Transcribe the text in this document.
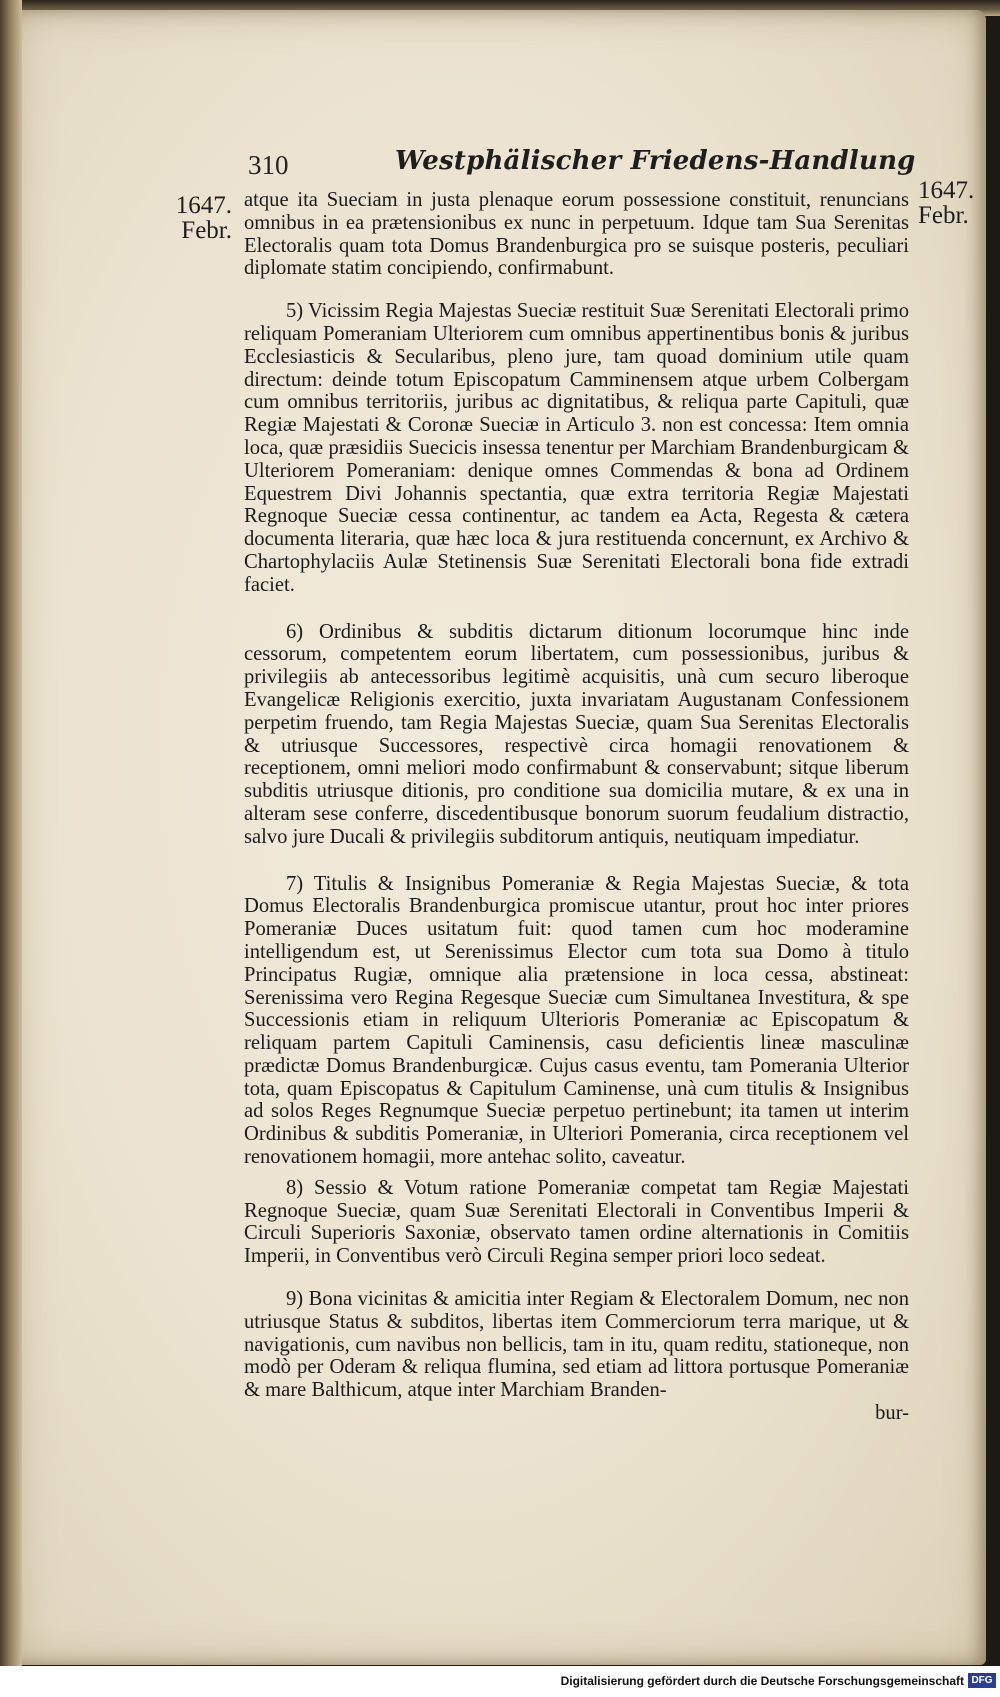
310	Westphälischer Friedens-Handlung
1647.
Febr.
1647.
Febr.

atque ita Sueciam in justa plenaque eorum possessione constituit, renuncians omnibus in ea prætensionibus ex nunc in perpetuum. Idque tam Sua Serenitas Electoralis quam tota Domus Brandenburgica pro se suisque posteris, peculiari diplomate statim concipiendo, confirmabunt.

5) Vicissim Regia Majestas Sueciæ restituit Suæ Serenitati Electorali primo reliquam Pomeraniam Ulteriorem cum omnibus appertinentibus bonis & juribus Ecclesiasticis & Secularibus, pleno jure, tam quoad dominium utile quam directum: deinde totum Episcopatum Camminensem atque urbem Colbergam cum omnibus territoriis, juribus ac dignitatibus, & reliqua parte Capituli, quæ Regiæ Majestati & Coronæ Sueciæ in Articulo 3. non est concessa: Item omnia loca, quæ præsidiis Suecicis insessa tenentur per Marchiam Brandenburgicam & Ulteriorem Pomeraniam: denique omnes Commendas & bona ad Ordinem Equestrem Divi Johannis spectantia, quæ extra territoria Regiæ Majestati Regnoque Sueciæ cessa continentur, ac tandem ea Acta, Regesta & cætera documenta literaria, quæ hæc loca & jura restituenda concernunt, ex Archivo & Chartophylaciis Aulæ Stetinensis Suæ Serenitati Electorali bona fide extradi faciet.

6) Ordinibus & subditis dictarum ditionum locorumque hinc inde cessorum, competentem eorum libertatem, cum possessionibus, juribus & privilegiis ab antecessoribus legitimè acquisitis, unà cum securo liberoque Evangelicæ Religionis exercitio, juxta invariatam Augustanam Confessionem perpetim fruendo, tam Regia Majestas Sueciæ, quam Sua Serenitas Electoralis & utriusque Successores, respectivè circa homagii renovationem & receptionem, omni meliori modo confirmabunt & conservabunt; sitque liberum subditis utriusque ditionis, pro conditione sua domicilia mutare, & ex una in alteram sese conferre, discedentibusque bonorum suorum feudalium distractio, salvo jure Ducali & privilegiis subditorum antiquis, neutiquam impediatur.

7) Titulis & Insignibus Pomeraniæ & Regia Majestas Sueciæ, & tota Domus Electoralis Brandenburgica promiscue utantur, prout hoc inter priores Pomeraniæ Duces usitatum fuit: quod tamen cum hoc moderamine intelligendum est, ut Serenissimus Elector cum tota sua Domo à titulo Principatus Rugiæ, omnique alia prætensione in loca cessa, abstineat: Serenissima vero Regina Regesque Sueciæ cum Simultanea Investitura, & spe Successionis etiam in reliquum Ulterioris Pomeraniæ ac Episcopatum & reliquam partem Capituli Caminensis, casu deficientis lineæ masculinæ prædictæ Domus Brandenburgicæ. Cujus casus eventu, tam Pomerania Ulterior tota, quam Episcopatus & Capitulum Caminense, unà cum titulis & Insignibus ad solos Reges Regnumque Sueciæ perpetuo pertinebunt; ita tamen ut interim Ordinibus & subditis Pomeraniæ, in Ulteriori Pomerania, circa receptionem vel renovationem homagii, more antehac solito, caveatur.

8) Sessio & Votum ratione Pomeraniæ competat tam Regiæ Majestati Regnoque Sueciæ, quam Suæ Serenitati Electorali in Conventibus Imperii & Circuli Superioris Saxoniæ, observato tamen ordine alternationis in Comitiis Imperii, in Conventibus verò Circuli Regina semper priori loco sedeat.

9) Bona vicinitas & amicitia inter Regiam & Electoralem Domum, nec non utriusque Status & subditos, libertas item Commerciorum terra marique, ut & navigationis, cum navibus non bellicis, tam in itu, quam reditu, stationeque, non modò per Oderam & reliqua flumina, sed etiam ad littora portusque Pomeraniæ & mare Balthicum, atque inter Marchiam Branden-

bur-
Digitalisierung gefördert durch die Deutsche Forschungsgemeinschaft DFG
